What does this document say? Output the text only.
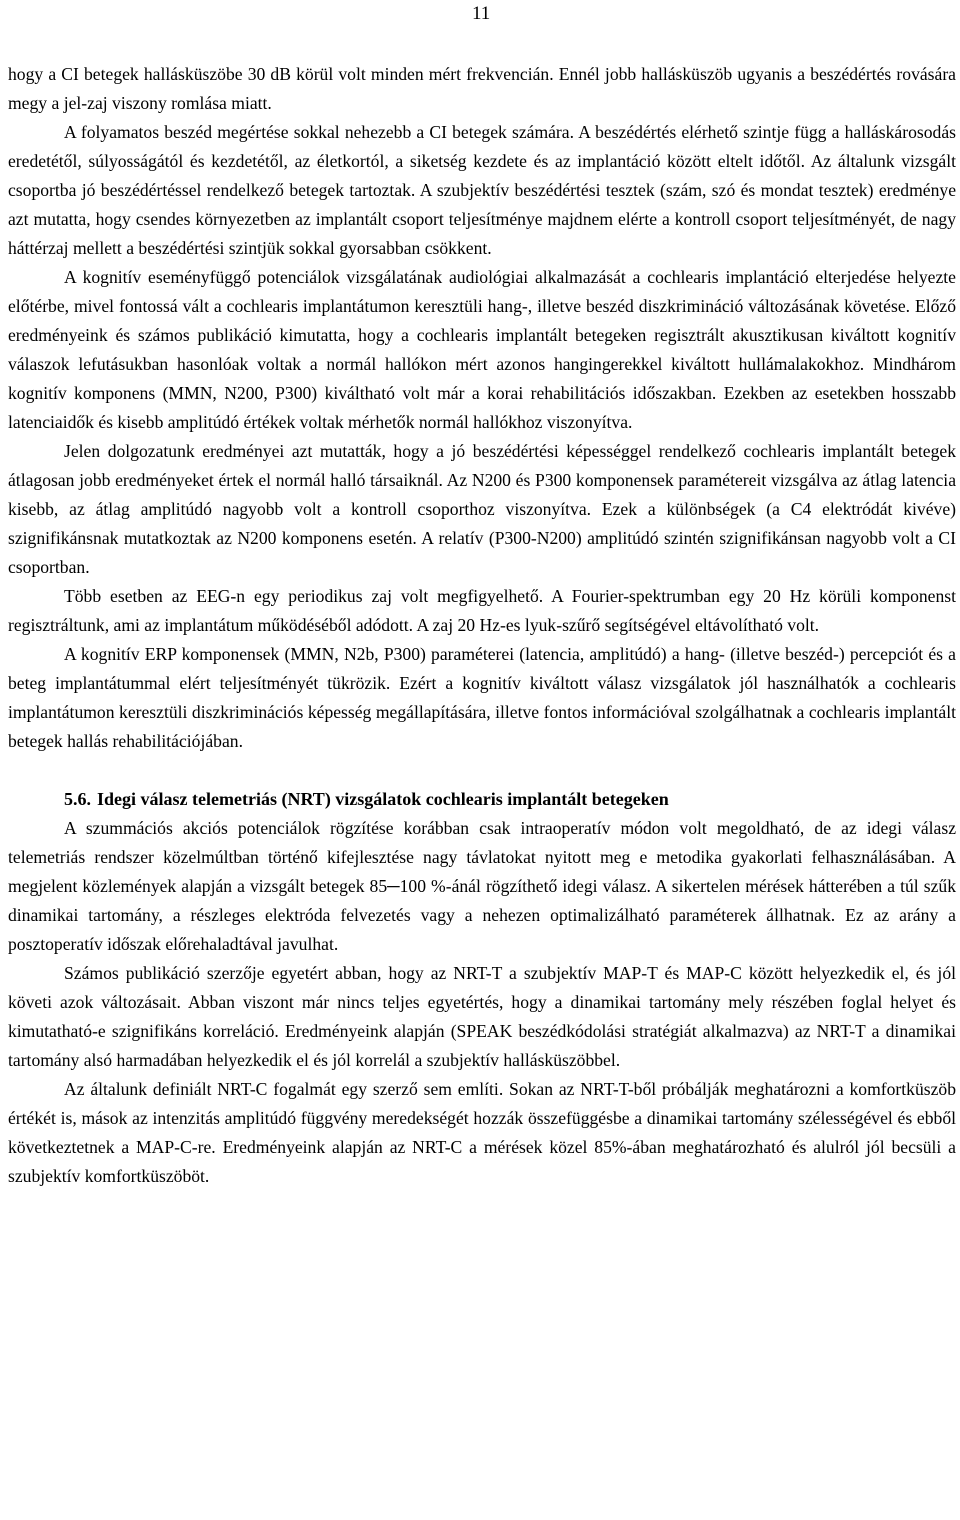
11

hogy a CI betegek hallásküszöbe 30 dB körül volt minden mért frekvencián. Ennél jobb hallásküszöb ugyanis a beszédértés rovására megy a jel-zaj viszony romlása miatt.

A folyamatos beszéd megértése sokkal nehezebb a CI betegek számára. A beszédértés elérhető szintje függ a halláskárosodás eredetétől, súlyosságától és kezdetétől, az életkortól, a siketség kezdete és az implantáció között eltelt időtől. Az általunk vizsgált csoportba jó beszédértéssel rendelkező betegek tartoztak. A szubjektív beszédértési tesztek (szám, szó és mondat tesztek) eredménye azt mutatta, hogy csendes környezetben az implantált csoport teljesítménye majdnem elérte a kontroll csoport teljesítményét, de nagy háttérzaj mellett a beszédértési szintjük sokkal gyorsabban csökkent.

A kognitív eseményfüggő potenciálok vizsgálatának audiológiai alkalmazását a cochlearis implantáció elterjedése helyezte előtérbe, mivel fontossá vált a cochlearis implantátumon keresztüli hang-, illetve beszéd diszkrimináció változásának követése. Előző eredményeink és számos publikáció kimutatta, hogy a cochlearis implantált betegeken regisztrált akusztikusan kiváltott kognitív válaszok lefutásukban hasonlóak voltak a normál hallókon mért azonos hangingerekkel kiváltott hullámalakokhoz. Mindhárom kognitív komponens (MMN, N200, P300) kiváltható volt már a korai rehabilitációs időszakban. Ezekben az esetekben hosszabb latenciaidők és kisebb amplitúdó értékek voltak mérhetők normál hallókhoz viszonyítva.

Jelen dolgozatunk eredményei azt mutatták, hogy a jó beszédértési képességgel rendelkező cochlearis implantált betegek átlagosan jobb eredményeket értek el normál halló társaiknál. Az N200 és P300 komponensek paramétereit vizsgálva az átlag latencia kisebb, az átlag amplitúdó nagyobb volt a kontroll csoporthoz viszonyítva. Ezek a különbségek (a C4 elektródát kivéve) szignifikánsnak mutatkoztak az N200 komponens esetén. A relatív (P300-N200) amplitúdó szintén szignifikánsan nagyobb volt a CI csoportban.

Több esetben az EEG-n egy periodikus zaj volt megfigyelhető. A Fourier-spektrumban egy 20 Hz körüli komponenst regisztráltunk, ami az implantátum működéséből adódott. A zaj 20 Hz-es lyuk-szűrő segítségével eltávolítható volt.

A kognitív ERP komponensek (MMN, N2b, P300) paraméterei (latencia, amplitúdó) a hang- (illetve beszéd-) percepciót és a beteg implantátummal elért teljesítményét tükrözik. Ezért a kognitív kiváltott válasz vizsgálatok jól használhatók a cochlearis implantátumon keresztüli diszkriminációs képesség megállapítására, illetve fontos információval szolgálhatnak a cochlearis implantált betegek hallás rehabilitációjában.

5.6. Idegi válasz telemetriás (NRT) vizsgálatok cochlearis implantált betegeken

A szummációs akciós potenciálok rögzítése korábban csak intraoperatív módon volt megoldható, de az idegi válasz telemetriás rendszer közelmúltban történő kifejlesztése nagy távlatokat nyitott meg e metodika gyakorlati felhasználásában. A megjelent közlemények alapján a vizsgált betegek 85─100 %-ánál rögzíthető idegi válasz. A sikertelen mérések hátterében a túl szűk dinamikai tartomány, a részleges elektróda felvezetés vagy a nehezen optimalizálható paraméterek állhatnak. Ez az arány a posztoperatív időszak előrehaladtával javulhat.

Számos publikáció szerzője egyetért abban, hogy az NRT-T a szubjektív MAP-T és MAP-C között helyezkedik el, és jól követi azok változásait. Abban viszont már nincs teljes egyetértés, hogy a dinamikai tartomány mely részében foglal helyet és kimutatható-e szignifikáns korreláció. Eredményeink alapján (SPEAK beszédkódolási stratégiát alkalmazva) az NRT-T a dinamikai tartomány alsó harmadában helyezkedik el és jól korrelál a szubjektív hallásküszöbbel.

Az általunk definiált NRT-C fogalmát egy szerző sem említi. Sokan az NRT-T-ből próbálják meghatározni a komfortküszöb értékét is, mások az intenzitás amplitúdó függvény meredekségét hozzák összefüggésbe a dinamikai tartomány szélességével és ebből következtetnek a MAP-C-re. Eredményeink alapján az NRT-C a mérések közel 85%-ában meghatározható és alulról jól becsüli a szubjektív komfortküszöböt.
